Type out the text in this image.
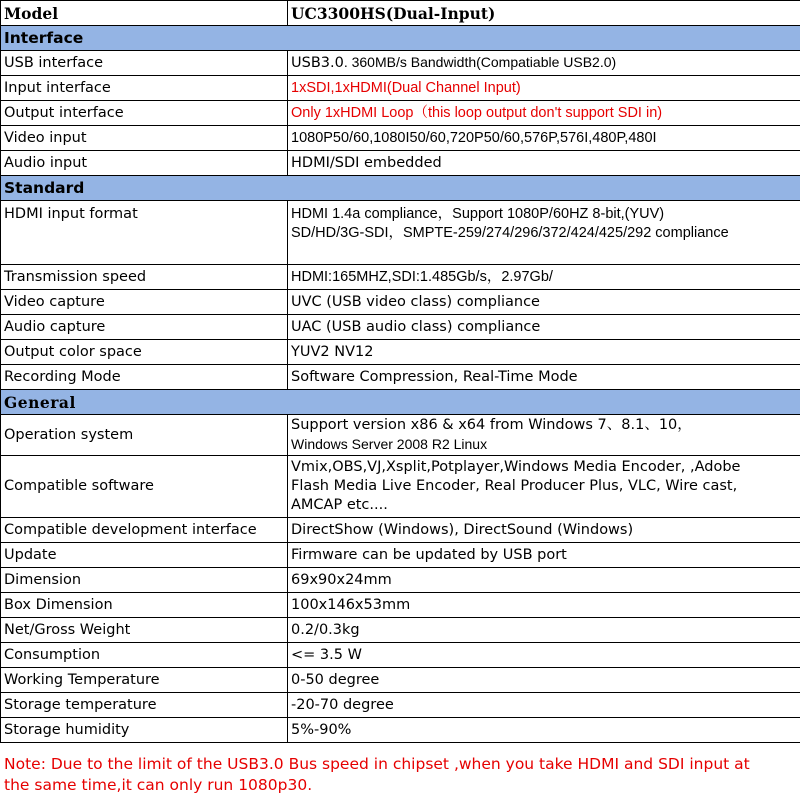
Model	UC3300HS(Dual-Input)
Interface	
USB interface	USB3.0. 360MB/s Bandwidth(Compatiable USB2.0)
Input interface	1xSDI,1xHDMI(Dual Channel Input)
Output interface	Only 1xHDMI Loop（this loop output don't support SDI in)
Video input	1080P50/60,1080I50/60,720P50/60,576P,576I,480P,480I
Audio input	HDMI/SDI embedded
Standard	
HDMI input format	HDMI 1.4a compliance，Support 1080P/60HZ 8-bit,(YUV)
SD/HD/3G-SDI，SMPTE-259/274/296/372/424/425/292 compliance

Transmission speed	HDMI:165MHZ,SDI:1.485Gb/s，2.97Gb/
Video capture	UVC (USB video class) compliance
Audio capture	UAC (USB audio class) compliance
Output color space	YUV2 NV12
Recording Mode	Software Compression, Real-Time Mode
General	
Operation system	Support version x86 & x64 from Windows 7、8.1、10，
Windows Server 2008 R2 Linux

Compatible software	Vmix,OBS,VJ,Xsplit,Potplayer,Windows Media Encoder, ,Adobe
Flash Media Live Encoder, Real Producer Plus, VLC, Wire cast,
AMCAP etc....

Compatible development interface	DirectShow (Windows), DirectSound (Windows)
Update	Firmware can be updated by USB port
Dimension	69x90x24mm
Box Dimension	100x146x53mm
Net/Gross Weight	0.2/0.3kg
Consumption	<= 3.5 W
Working Temperature	0-50 degree
Storage temperature	-20-70 degree
Storage humidity	5%-90%
Note: Due to the limit of the USB3.0 Bus speed in chipset ,when you take HDMI and SDI input at
the same time,it can only run 1080p30.
